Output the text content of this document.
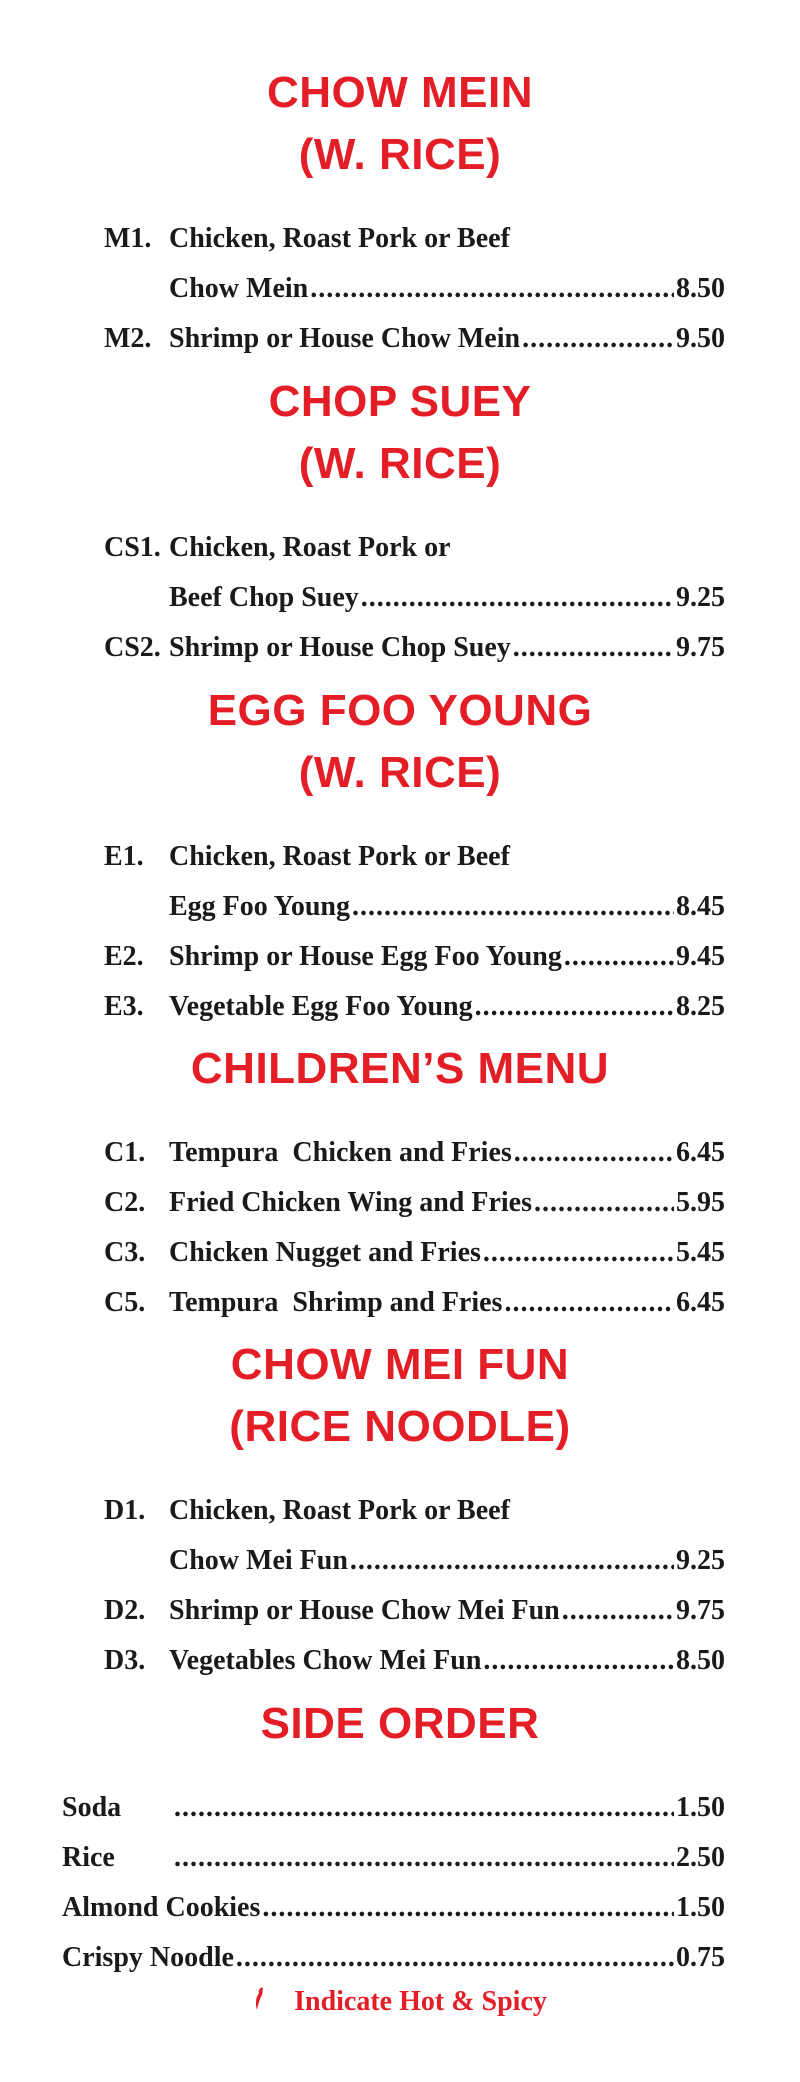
CHOW MEIN
(W. RICE)
M1. Chicken, Roast Pork or Beef
Chow Mein .....	8.50
M2. Shrimp or House Chow Mein .....	9.50
CHOP SUEY
(W. RICE)
CS1. Chicken, Roast Pork or
Beef Chop Suey .....	9.25
CS2. Shrimp or House Chop Suey .....	9.75
EGG FOO YOUNG
(W. RICE)
E1. Chicken, Roast Pork or Beef
Egg Foo Young .....	8.45
E2. Shrimp or House Egg Foo Young .....	9.45
E3. Vegetable Egg Foo Young .....	8.25
CHILDREN’S MENU
C1. Tempura  Chicken and Fries .....	6.45
C2. Fried Chicken Wing and Fries .....	5.95
C3. Chicken Nugget and Fries .....	5.45
C5. Tempura  Shrimp and Fries .....	6.45
CHOW MEI FUN
(RICE NOODLE)
D1. Chicken, Roast Pork or Beef
Chow Mei Fun .....	9.25
D2. Shrimp or House Chow Mei Fun .....	9.75
D3. Vegetables Chow Mei Fun .....	8.50
SIDE ORDER
Soda .....	1.50
Rice .....	2.50
Almond Cookies .....	1.50
Crispy Noodle .....	0.75
Indicate Hot & Spicy
